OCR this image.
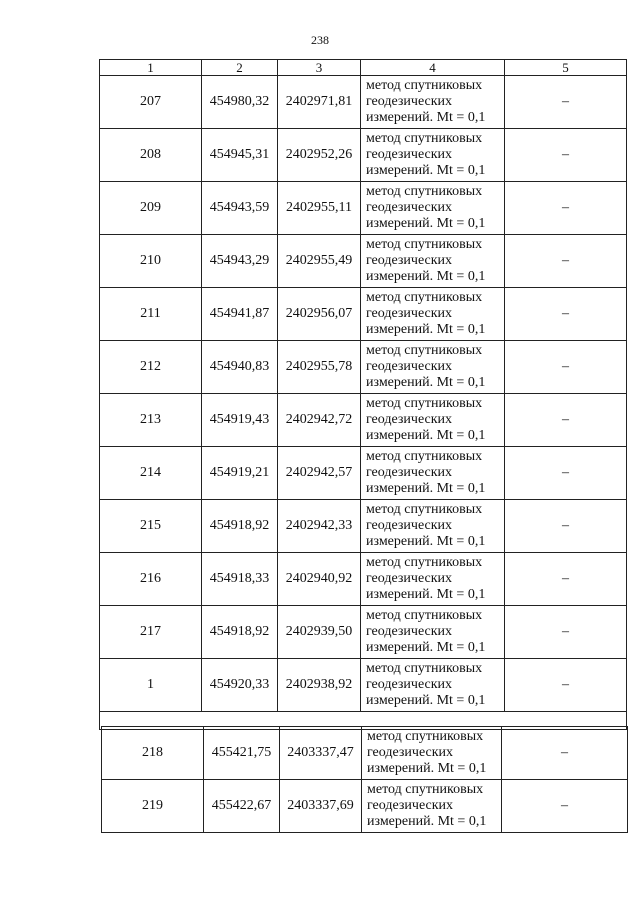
238
1	2	3	4	5
207	454980,32	2402971,81	метод спутниковых
геодезических
измерений. Mt = 0,1	–
208	454945,31	2402952,26	метод спутниковых
геодезических
измерений. Mt = 0,1	–
209	454943,59	2402955,11	метод спутниковых
геодезических
измерений. Mt = 0,1	–
210	454943,29	2402955,49	метод спутниковых
геодезических
измерений. Mt = 0,1	–
211	454941,87	2402956,07	метод спутниковых
геодезических
измерений. Mt = 0,1	–
212	454940,83	2402955,78	метод спутниковых
геодезических
измерений. Mt = 0,1	–
213	454919,43	2402942,72	метод спутниковых
геодезических
измерений. Mt = 0,1	–
214	454919,21	2402942,57	метод спутниковых
геодезических
измерений. Mt = 0,1	–
215	454918,92	2402942,33	метод спутниковых
геодезических
измерений. Mt = 0,1	–
216	454918,33	2402940,92	метод спутниковых
геодезических
измерений. Mt = 0,1	–
217	454918,92	2402939,50	метод спутниковых
геодезических
измерений. Mt = 0,1	–
1	454920,33	2402938,92	метод спутниковых
геодезических
измерений. Mt = 0,1	–

218	455421,75	2403337,47	метод спутниковых
геодезических
измерений. Mt = 0,1	–
219	455422,67	2403337,69	метод спутниковых
геодезических
измерений. Mt = 0,1	–
